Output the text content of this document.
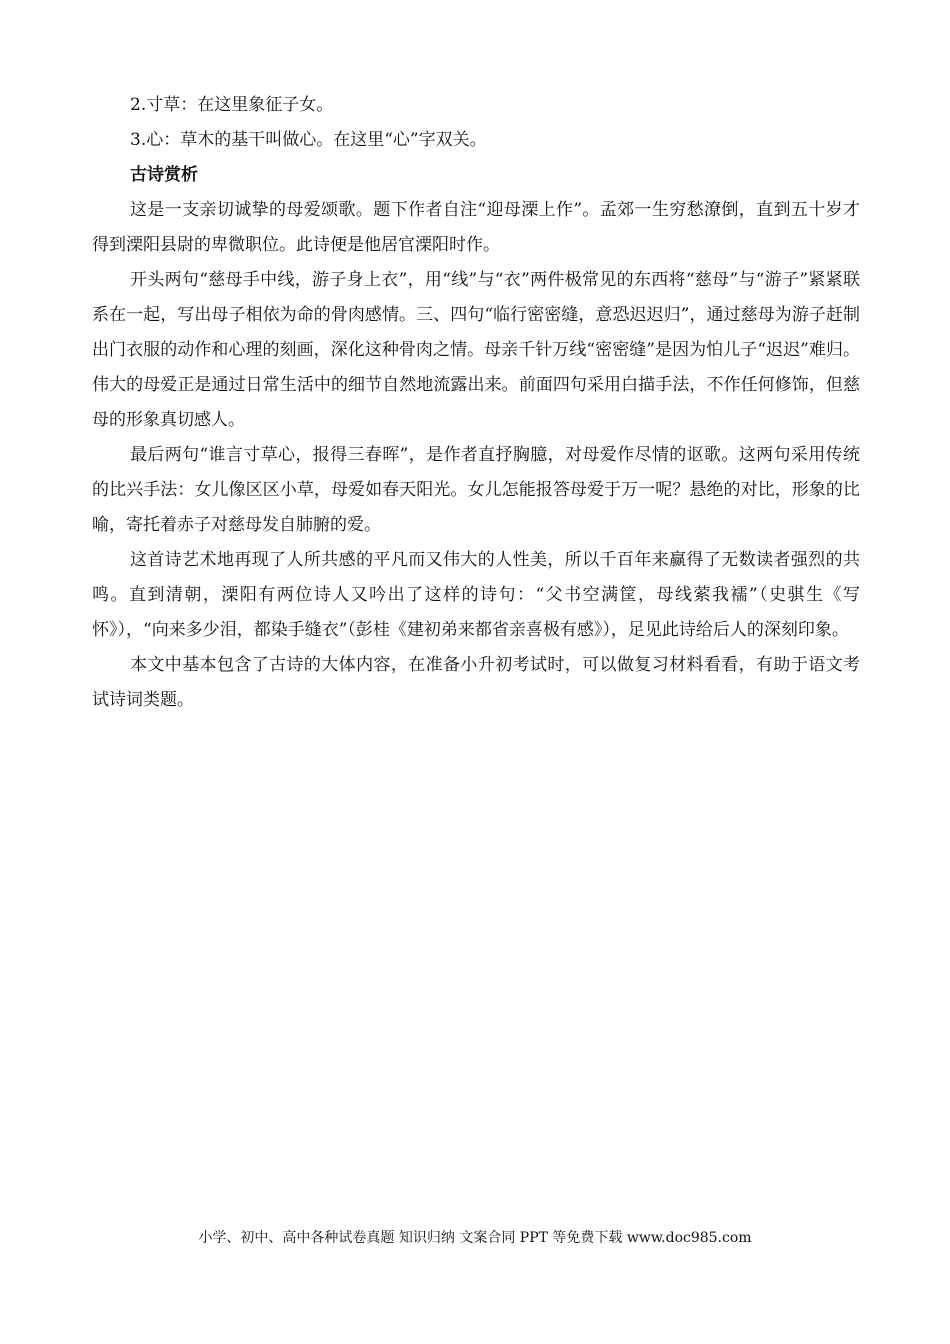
2.寸草：在这里象征子女。

3.心：草木的基干叫做心。在这里“心”字双关。

古诗赏析

这是一支亲切诚挚的母爱颂歌。题下作者自注“迎母溧上作”。孟郊一生穷愁潦倒，直到五十岁才得到溧阳县尉的卑微职位。此诗便是他居官溧阳时作。

开头两句“慈母手中线，游子身上衣”，用“线”与“衣”两件极常见的东西将“慈母”与“游子”紧紧联系在一起，写出母子相依为命的骨肉感情。三、四句“临行密密缝，意恐迟迟归”，通过慈母为游子赶制出门衣服的动作和心理的刻画，深化这种骨肉之情。母亲千针万线“密密缝”是因为怕儿子“迟迟”难归。伟大的母爱正是通过日常生活中的细节自然地流露出来。前面四句采用白描手法，不作任何修饰，但慈母的形象真切感人。

最后两句“谁言寸草心，报得三春晖”，是作者直抒胸臆，对母爱作尽情的讴歌。这两句采用传统的比兴手法：女儿像区区小草，母爱如春天阳光。女儿怎能报答母爱于万一呢？悬绝的对比，形象的比喻，寄托着赤子对慈母发自肺腑的爱。

这首诗艺术地再现了人所共感的平凡而又伟大的人性美，所以千百年来赢得了无数读者强烈的共鸣。直到清朝，溧阳有两位诗人又吟出了这样的诗句：“父书空满筐，母线萦我襦”（史骐生《写怀》），“向来多少泪，都染手缝衣”（彭桂《建初弟来都省亲喜极有感》），足见此诗给后人的深刻印象。

本文中基本包含了古诗的大体内容，在准备小升初考试时，可以做复习材料看看，有助于语文考试诗词类题。

小学、初中、高中各种试卷真题 知识归纳 文案合同 PPT 等免费下载 www.doc985.com
